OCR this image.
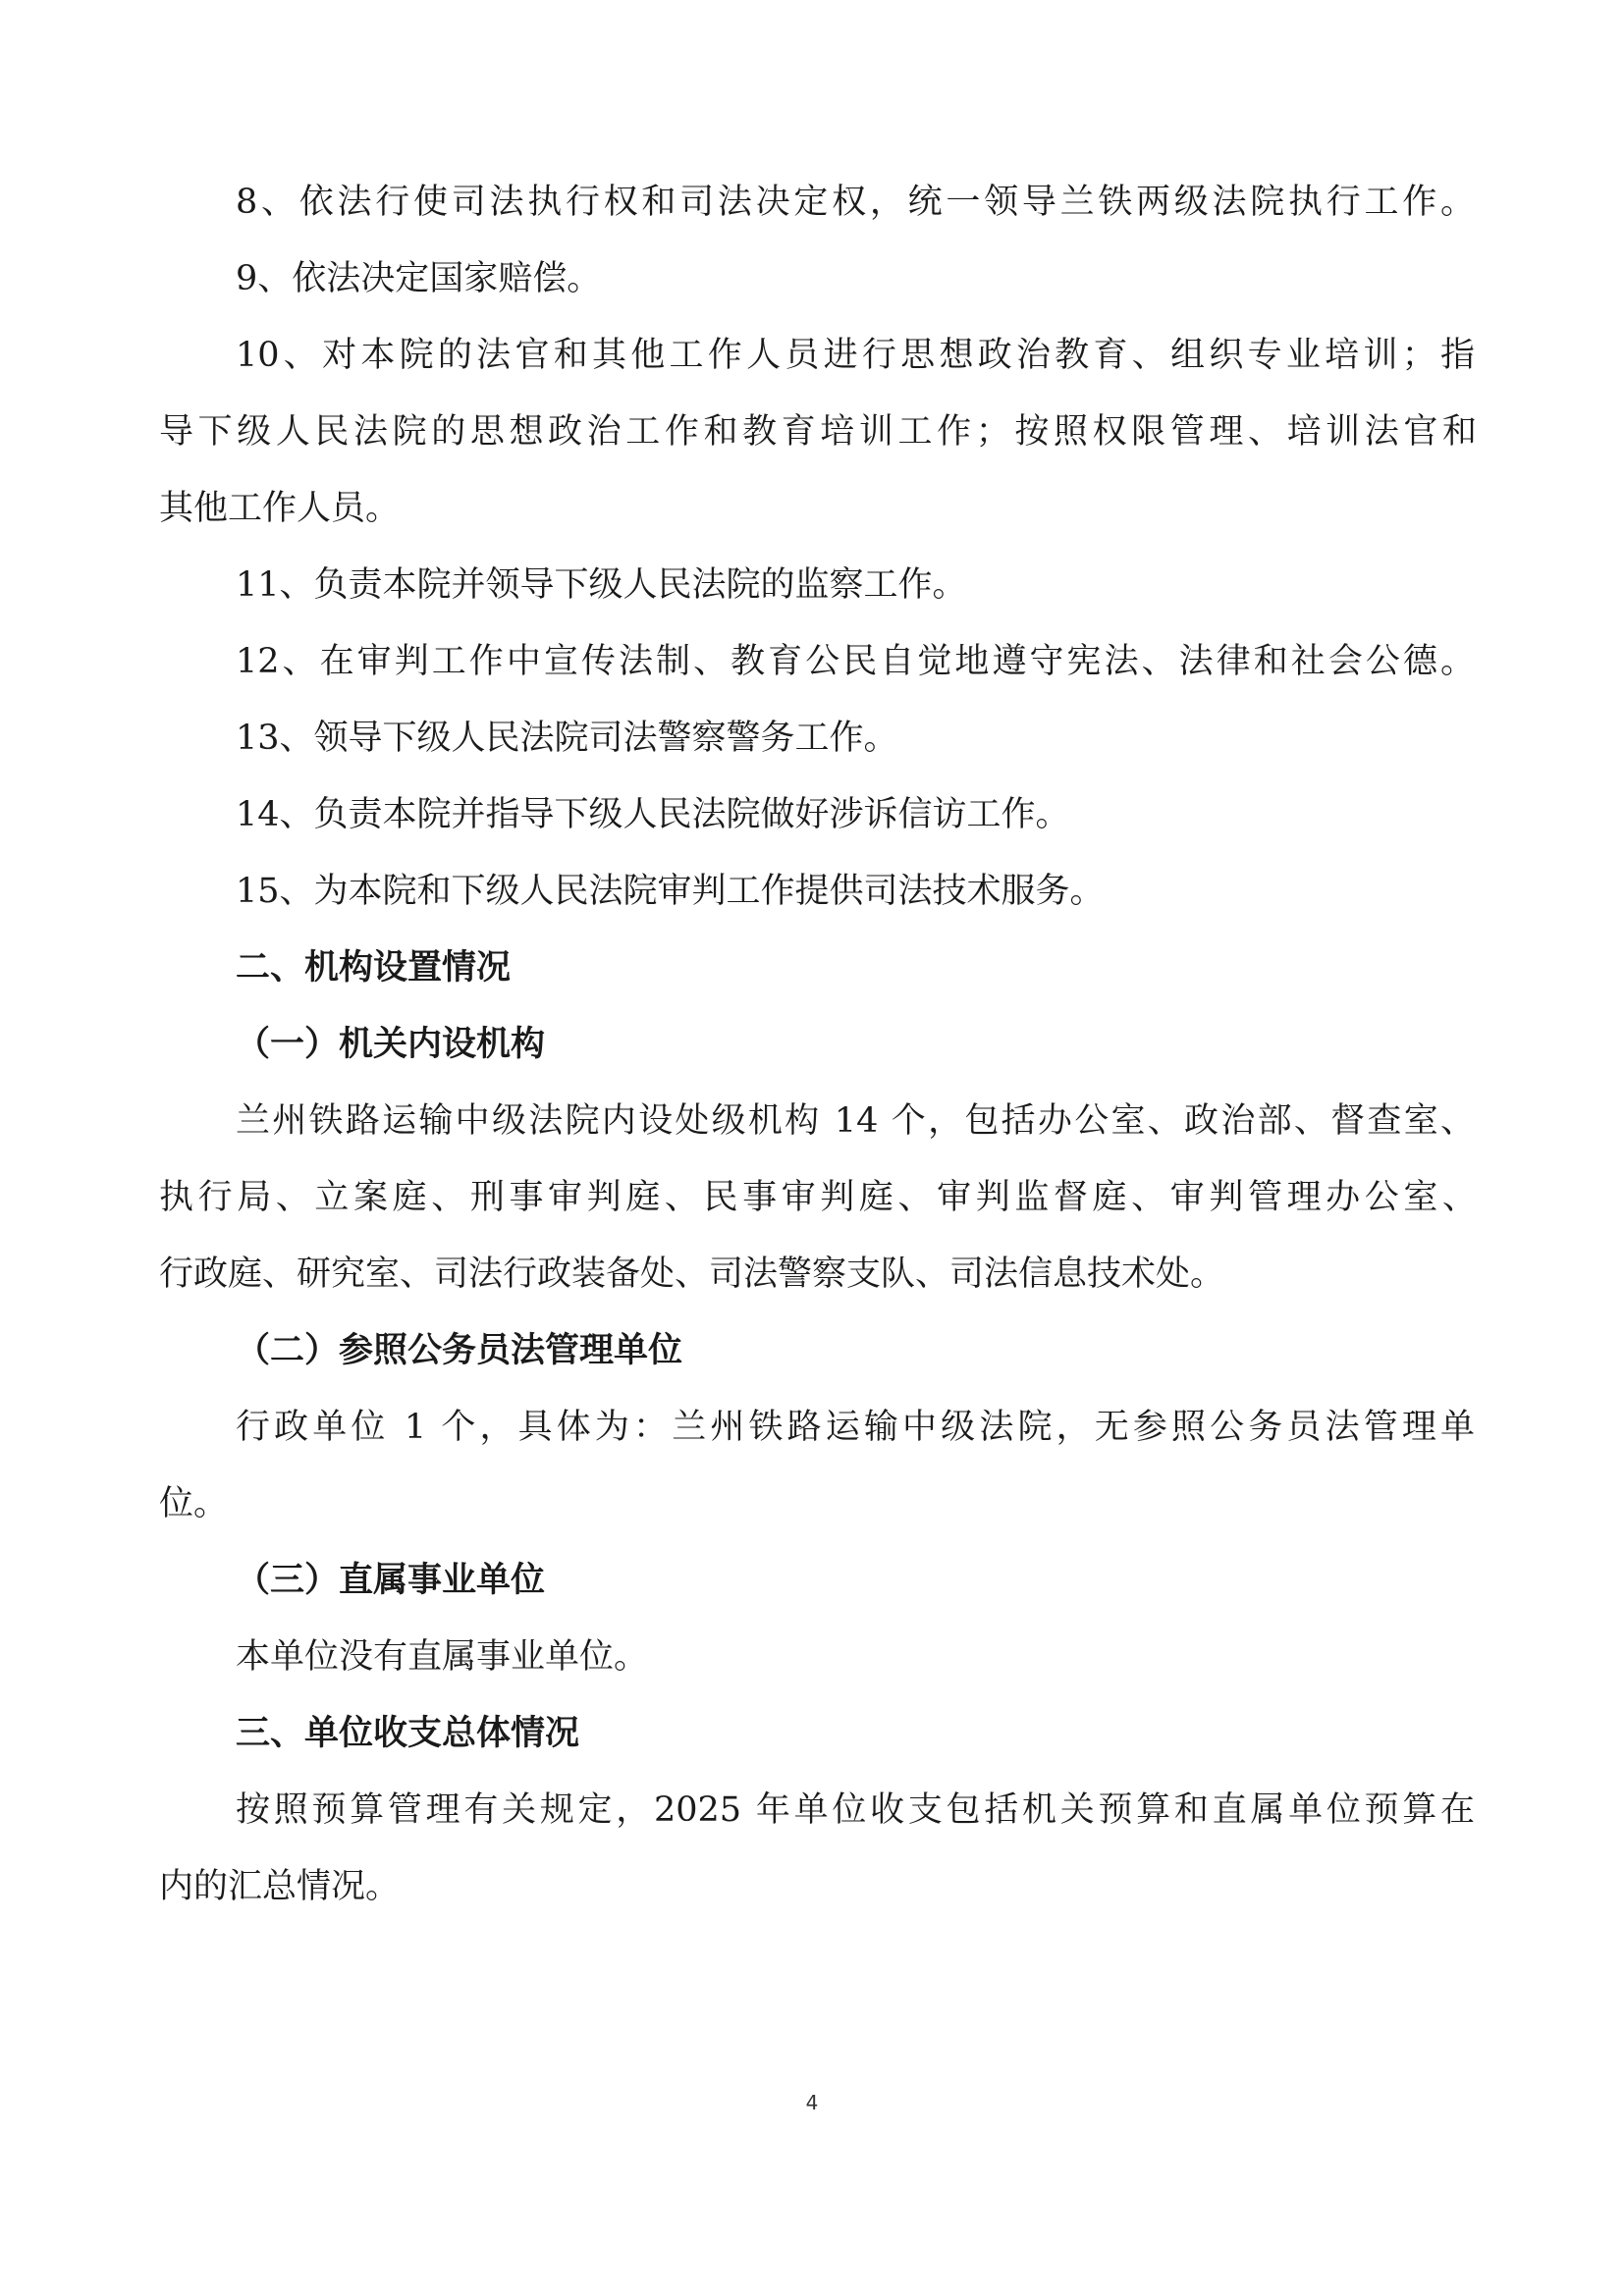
8、依法行使司法执行权和司法决定权，统一领导兰铁两级法院执行工作。
9、依法决定国家赔偿。
10、对本院的法官和其他工作人员进行思想政治教育、组织专业培训；指
导下级人民法院的思想政治工作和教育培训工作；按照权限管理、培训法官和
其他工作人员。
11、负责本院并领导下级人民法院的监察工作。
12、在审判工作中宣传法制、教育公民自觉地遵守宪法、法律和社会公德。
13、领导下级人民法院司法警察警务工作。
14、负责本院并指导下级人民法院做好涉诉信访工作。
15、为本院和下级人民法院审判工作提供司法技术服务。
二、机构设置情况
（一）机关内设机构
兰州铁路运输中级法院内设处级机构 14 个，包括办公室、政治部、督查室、
执行局、立案庭、刑事审判庭、民事审判庭、审判监督庭、审判管理办公室、
行政庭、研究室、司法行政装备处、司法警察支队、司法信息技术处。
（二）参照公务员法管理单位
行政单位 1 个，具体为：兰州铁路运输中级法院，无参照公务员法管理单
位。
（三）直属事业单位
本单位没有直属事业单位。
三、单位收支总体情况
按照预算管理有关规定，2025 年单位收支包括机关预算和直属单位预算在
内的汇总情况。
4
